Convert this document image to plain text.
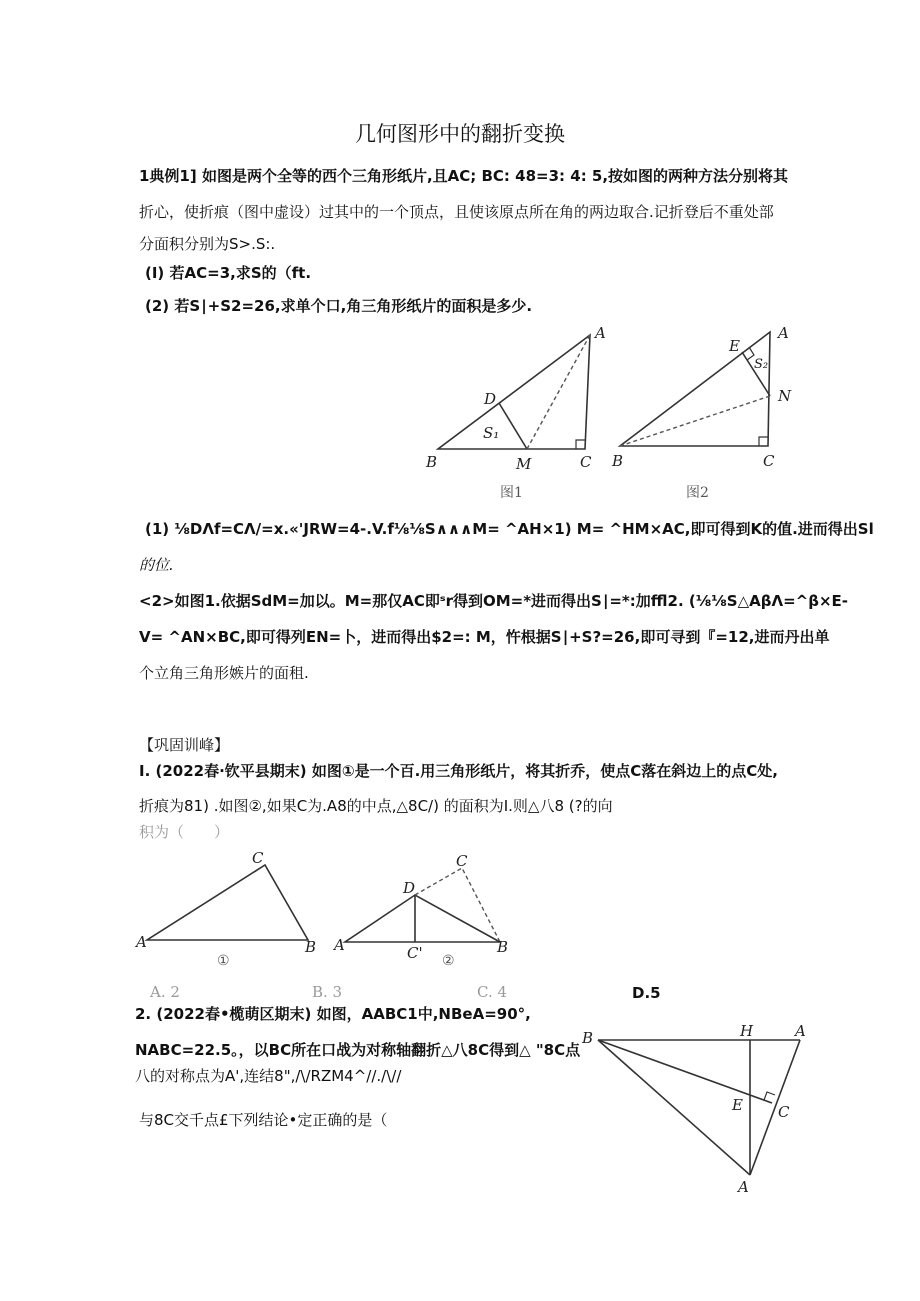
几何图形中的翻折变换
1典例1] 如图是两个全等的西个三角形纸片,且AC; BC: 48=3: 4: 5,按如图的两种方法分别将其
折心，使折痕（图中虚设）过其中的一个顶点，且使该原点所在角的两边取合.记折登后不重处部
分面积分别为S>.S:.
(I) 若AC=3,求S的（ft.
(2) 若S∣+S2=26,求单个口,角三角形纸片的面积是多少.
(1) ⅛DΛf=CΛ/=x.«'JRW=4-.V.f⅛⅛S∧∧∧M= ^AH×1) M= ^HM×AC,即可得到K的值.进而得出Sl
的位.
<2>如图1.依据SdM=加以。M=那仅AC即ˢr得到OM=*进而得出S∣=*:加ffl2. (⅛⅛S△AβΛ=^β×E-
V= ^AN×BC,即可得列EN=卜，进而得出$2=: M，忤根据S∣+S?=26,即可寻到『=12,进而丹出单
个立角三角形嫉片的面租.
【巩固训峰】
I. (2022春·钦平县期末) 如图①是一个百.用三角形纸片，将其折乔，使点C落在斜边上的点C处,
折痕为81) .如图②,如果C为.A8的中点,△8C/) 的面积为I.则△八8 (?的向
积为（　　）
A. 2	B. 3	C. 4	D.5
2. (2022春•榄萌区期末) 如图，AABC1中,NBeA=90°,
NABC=22.5。，以BC所在口战为对称轴翻折△八8C得到△ "8C点
八的对称点为A',连结8",/\/RZM4^//./\//
与8C交千点£下列结论•定正确的是（
A
D
S₁
B	M	C
图1
E
A
S₂
N
B	C
图2
A
C
B
①
A
D
C
C'	B
②
B	H	A
E C
A
